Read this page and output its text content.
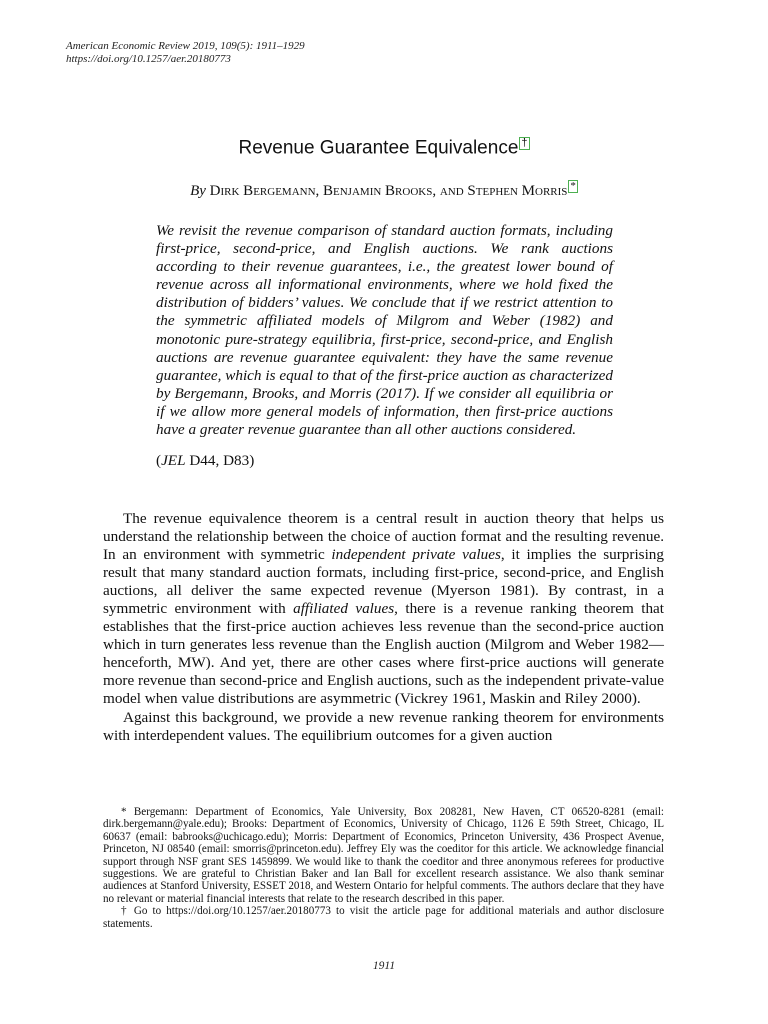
American Economic Review 2019, 109(5): 1911–1929
https://doi.org/10.1257/aer.20180773
Revenue Guarantee Equivalence †
By Dirk Bergemann, Benjamin Brooks, and Stephen Morris *
We revisit the revenue comparison of standard auction formats, including first-price, second-price, and English auctions. We rank auctions according to their revenue guarantees, i.e., the greatest lower bound of revenue across all informational environments, where we hold fixed the distribution of bidders’ values. We conclude that if we restrict attention to the symmetric affiliated models of Milgrom and Weber (1982) and monotonic pure-strategy equilibria, first-price, second-price, and English auctions are revenue guarantee equivalent: they have the same revenue guarantee, which is equal to that of the first-price auction as characterized by Bergemann, Brooks, and Morris (2017). If we consider all equilibria or if we allow more general models of information, then first-price auctions have a greater revenue guarantee than all other auctions considered.
(JEL D44, D83)

The revenue equivalence theorem is a central result in auction theory that helps us understand the relationship between the choice of auction format and the resulting revenue. In an environment with symmetric independent private values, it implies the surprising result that many standard auction formats, including first-price, second-price, and English auctions, all deliver the same expected revenue (Myerson 1981). By contrast, in a symmetric environment with affiliated values, there is a revenue ranking theorem that establishes that the first-price auction achieves less revenue than the second-price auction which in turn generates less revenue than the English auction (Milgrom and Weber 1982—henceforth, MW). And yet, there are other cases where first-price auctions will generate more revenue than second-price and English auctions, such as the independent private-value model when value distributions are asymmetric (Vickrey 1961, Maskin and Riley 2000).

Against this background, we provide a new revenue ranking theorem for environments with interdependent values. The equilibrium outcomes for a given auction

* Bergemann: Department of Economics, Yale University, Box 208281, New Haven, CT 06520-8281 (email: dirk.bergemann@yale.edu); Brooks: Department of Economics, University of Chicago, 1126 E 59th Street, Chicago, IL 60637 (email: babrooks@uchicago.edu); Morris: Department of Economics, Princeton University, 436 Prospect Avenue, Princeton, NJ 08540 (email: smorris@princeton.edu). Jeffrey Ely was the coeditor for this article. We acknowledge financial support through NSF grant SES 1459899. We would like to thank the coeditor and three anonymous referees for productive suggestions. We are grateful to Christian Baker and Ian Ball for excellent research assistance. We also thank seminar audiences at Stanford University, ESSET 2018, and Western Ontario for helpful comments. The authors declare that they have no relevant or material financial interests that relate to the research described in this paper.

† Go to https://doi.org/10.1257/aer.20180773 to visit the article page for additional materials and author disclosure statements.

1911
